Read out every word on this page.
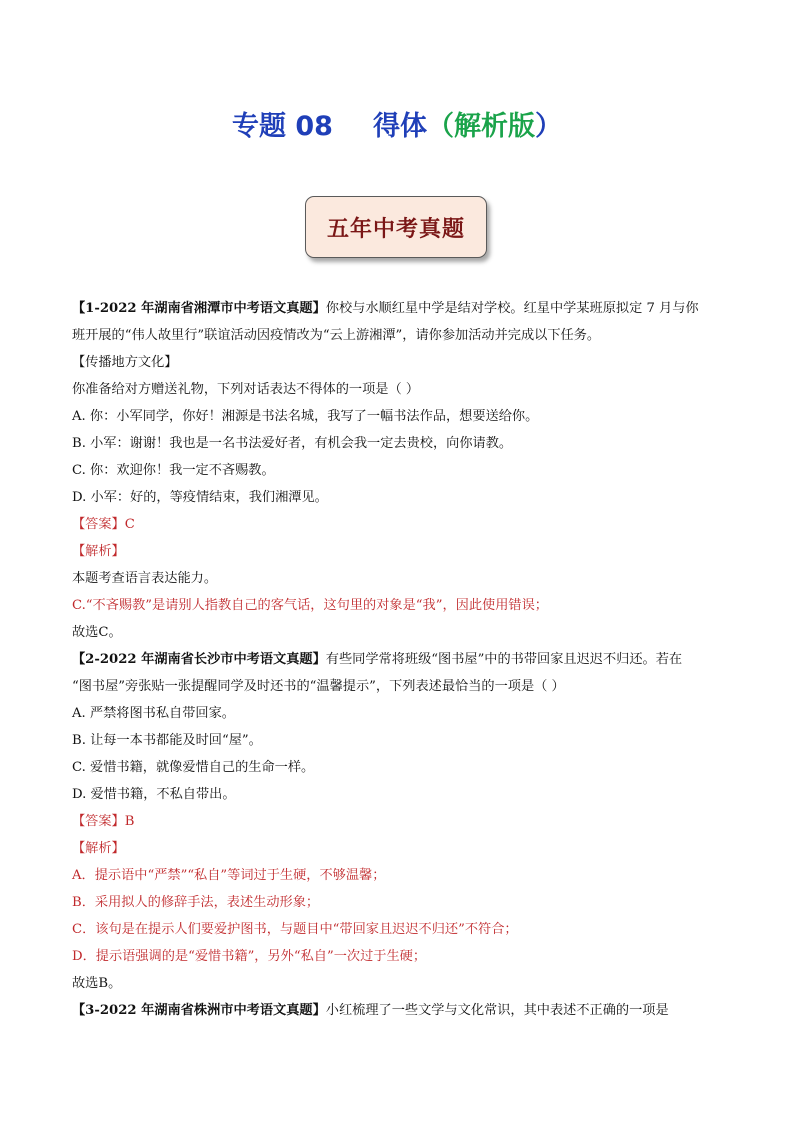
专题 08 得体（解析版）
五年中考真题
【1-2022 年湖南省湘潭市中考语文真题】你校与水顺红星中学是结对学校。红星中学某班原拟定 7 月与你
班开展的“伟人故里行”联谊活动因疫情改为“云上游湘潭”，请你参加活动并完成以下任务。
【传播地方文化】
你准备给对方赠送礼物，下列对话表达不得体的一项是（ ）
A. 你：小军同学，你好！湘源是书法名城，我写了一幅书法作品，想要送给你。
B. 小军：谢谢！我也是一名书法爱好者，有机会我一定去贵校，向你请教。
C. 你：欢迎你！我一定不吝赐教。
D. 小军：好的，等疫情结束，我们湘潭见。
【答案】C
【解析】
本题考查语言表达能力。
C.“不吝赐教”是请别人指教自己的客气话，这句里的对象是“我”，因此使用错误；
故选C。
【2-2022 年湖南省长沙市中考语文真题】有些同学常将班级“图书屋”中的书带回家且迟迟不归还。若在
“图书屋”旁张贴一张提醒同学及时还书的“温馨提示”，下列表述最恰当的一项是（ ）
A. 严禁将图书私自带回家。
B. 让每一本书都能及时回“屋”。
C. 爱惜书籍，就像爱惜自己的生命一样。
D. 爱惜书籍，不私自带出。
【答案】B
【解析】
A．提示语中“严禁”“私自”等词过于生硬，不够温馨；
B．采用拟人的修辞手法，表述生动形象；
C．该句是在提示人们要爱护图书，与题目中“带回家且迟迟不归还”不符合；
D．提示语强调的是“爱惜书籍”，另外“私自”一次过于生硬；
故选B。
【3-2022 年湖南省株洲市中考语文真题】小红梳理了一些文学与文化常识，其中表述不正确的一项是
